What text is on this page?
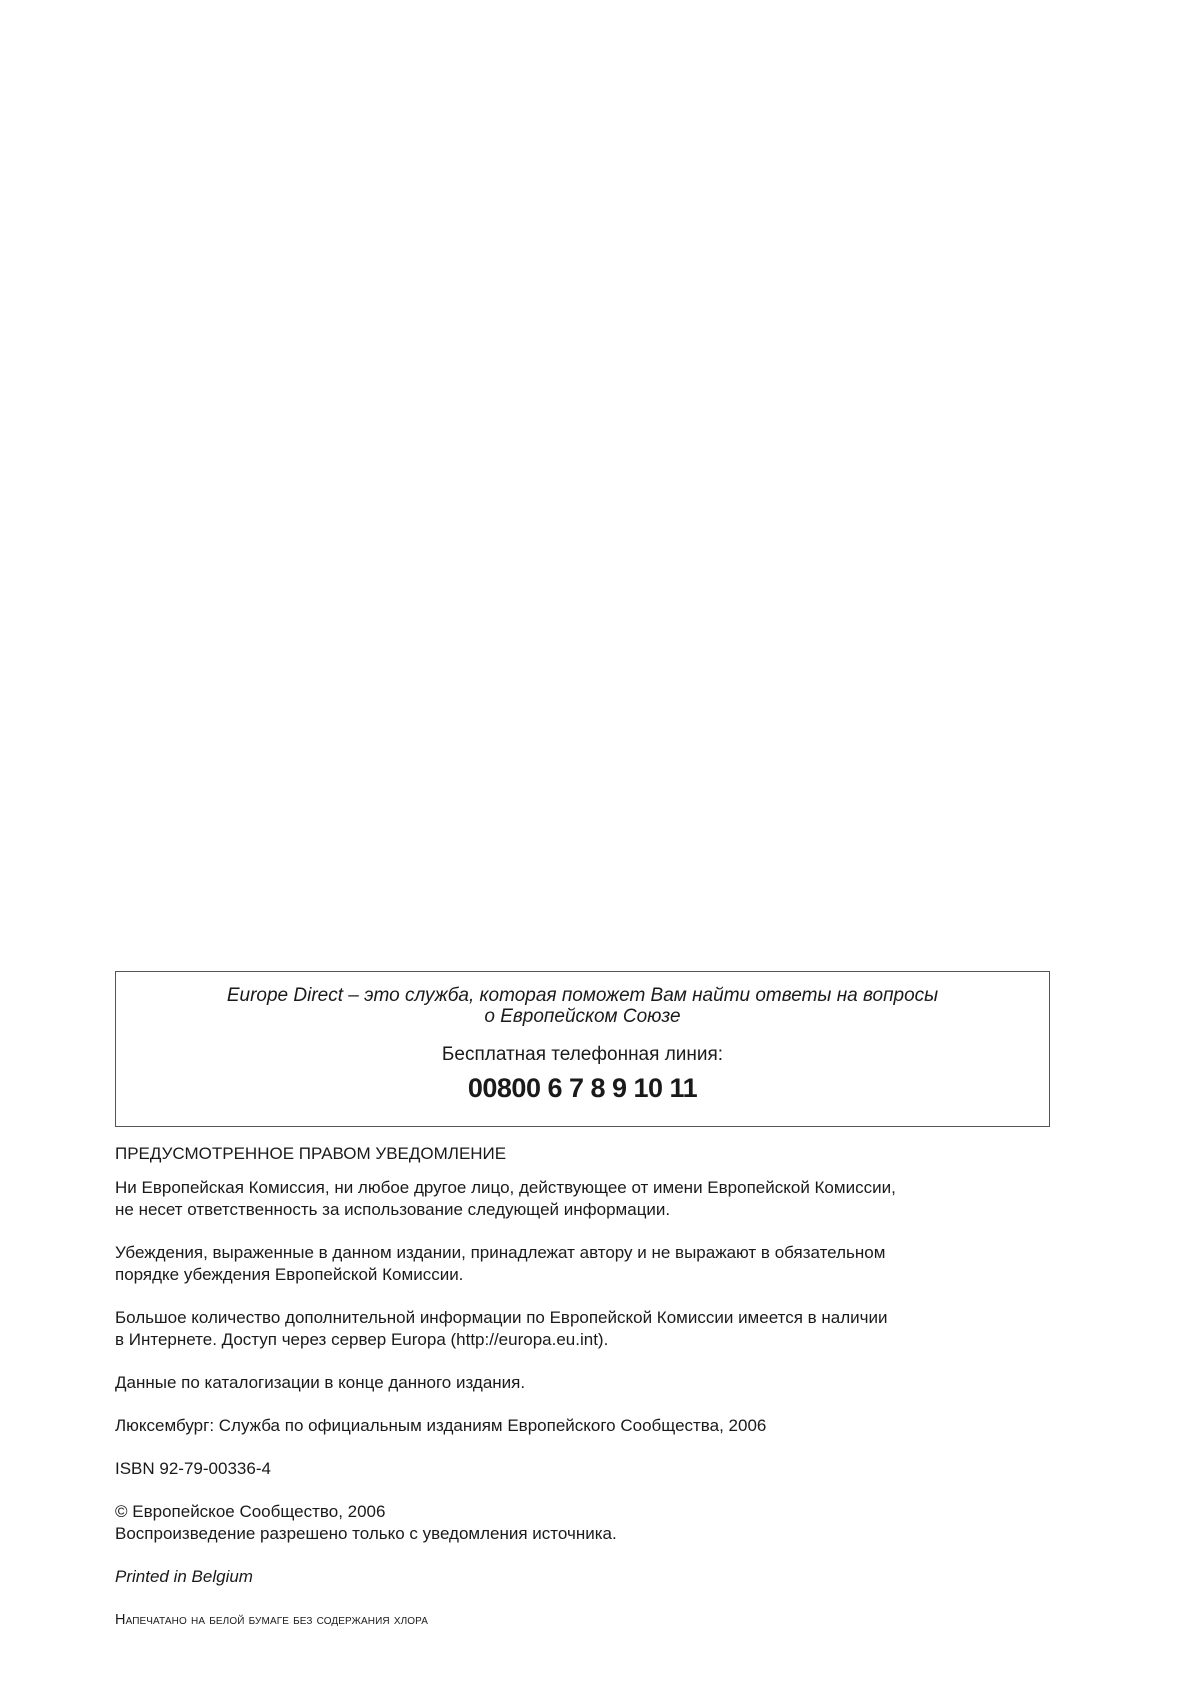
Europe Direct – это служба, которая поможет Вам найти ответы на вопросы
о Европейском Союзе
Бесплатная телефонная линия:
00800 6 7 8 9 10 11

ПРЕДУСМОТРЕННОЕ ПРАВОМ УВЕДОМЛЕНИЕ

Ни Европейская Комиссия, ни любое другое лицо, действующее от имени Европейской Комиссии,

не несет ответственность за использование следующей информации.

Убеждения, выраженные в данном издании, принадлежат автору и не выражают в обязательном

порядке убеждения Европейской Комиссии.

Большое количество дополнительной информации по Европейской Комиссии имеется в наличии

в Интернете. Доступ через сервер Europa (http://europa.eu.int).

Данные по каталогизации в конце данного издания.

Люксембург: Служба по официальным изданиям Европейского Сообщества, 2006

ISBN 92-79-00336-4

© Европейское Сообщество, 2006

Воспроизведение разрешено только с уведомления источника.

Printed in Belgium

Напечатано на белой бумаге без содержания хлора
